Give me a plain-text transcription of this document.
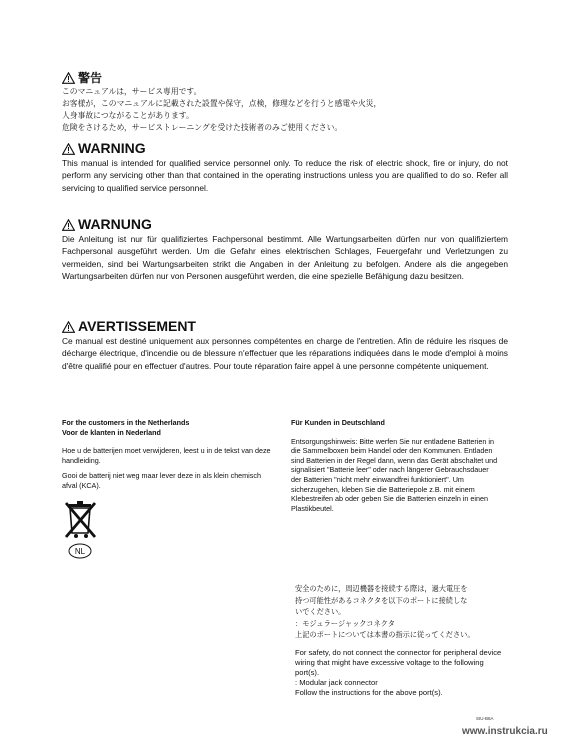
警告
このマニュアルは，サービス専用です。
お客様が，このマニュアルに記載された設置や保守，点検，修理などを行うと感電や火災，
人身事故につながることがあります。
危険をさけるため，サービストレーニングを受けた技術者のみご使用ください。
WARNING
This manual is intended for qualified service personnel only. To reduce the risk of electric shock, fire or injury, do not perform any servicing other than that contained in the operating instructions unless you are qualified to do so. Refer all servicing to qualified service personnel.
WARNUNG
Die Anleitung ist nur für qualifiziertes Fachpersonal bestimmt. Alle Wartungsarbeiten dürfen nur von qualifiziertem Fachpersonal ausgeführt werden. Um die Gefahr eines elektrischen Schlages, Feuergefahr und Verletzungen zu vermeiden, sind bei Wartungsarbeiten strikt die Angaben in der Anleitung zu befolgen. Andere als die angegeben Wartungsarbeiten dürfen nur von Personen ausgeführt werden, die eine spezielle Befähigung dazu besitzen.
AVERTISSEMENT
Ce manual est destiné uniquement aux personnes compétentes en charge de l'entretien. Afin de réduire les risques de décharge électrique, d'incendie ou de blessure n'effectuer que les réparations indiquées dans le mode d'emploi à moins d'être qualifié pour en effectuer d'autres. Pour toute réparation faire appel à une personne compétente uniquement.
For the customers in the Netherlands
Voor de klanten in Nederland

Hoe u de batterijen moet verwijderen, leest u in de tekst van deze handleiding.

Gooi de batterij niet weg maar lever deze in als klein chemisch afval (KCA).

NL
Für Kunden in Deutschland

Entsorgungshinweis: Bitte werfen Sie nur entladene Batterien in die Sammelboxen beim Handel oder den Kommunen. Entladen sind Batterien in der Regel dann, wenn das Gerät abschaltet und signalisiert "Batterie leer" oder nach längerer Gebrauchsdauer der Batterien "nicht mehr einwandfrei funktioniert". Um sicherzugehen, kleben Sie die Batteriepole z.B. mit einem Klebestreifen ab oder geben Sie die Batterien einzeln in einen Plastikbeutel.

安全のために，周辺機器を接続する際は，過大電圧を
持つ可能性があるコネクタを以下のポートに接続しな
いでください。
：モジュラージャックコネクタ
上記のポートについては本書の指示に従ってください。
For safety, do not connect the connector for peripheral device wiring that might have excessive voltage to the following port(s).
: Modular jack connector
Follow the instructions for the above port(s).
SIU-B6A
www.instrukcia.ru
